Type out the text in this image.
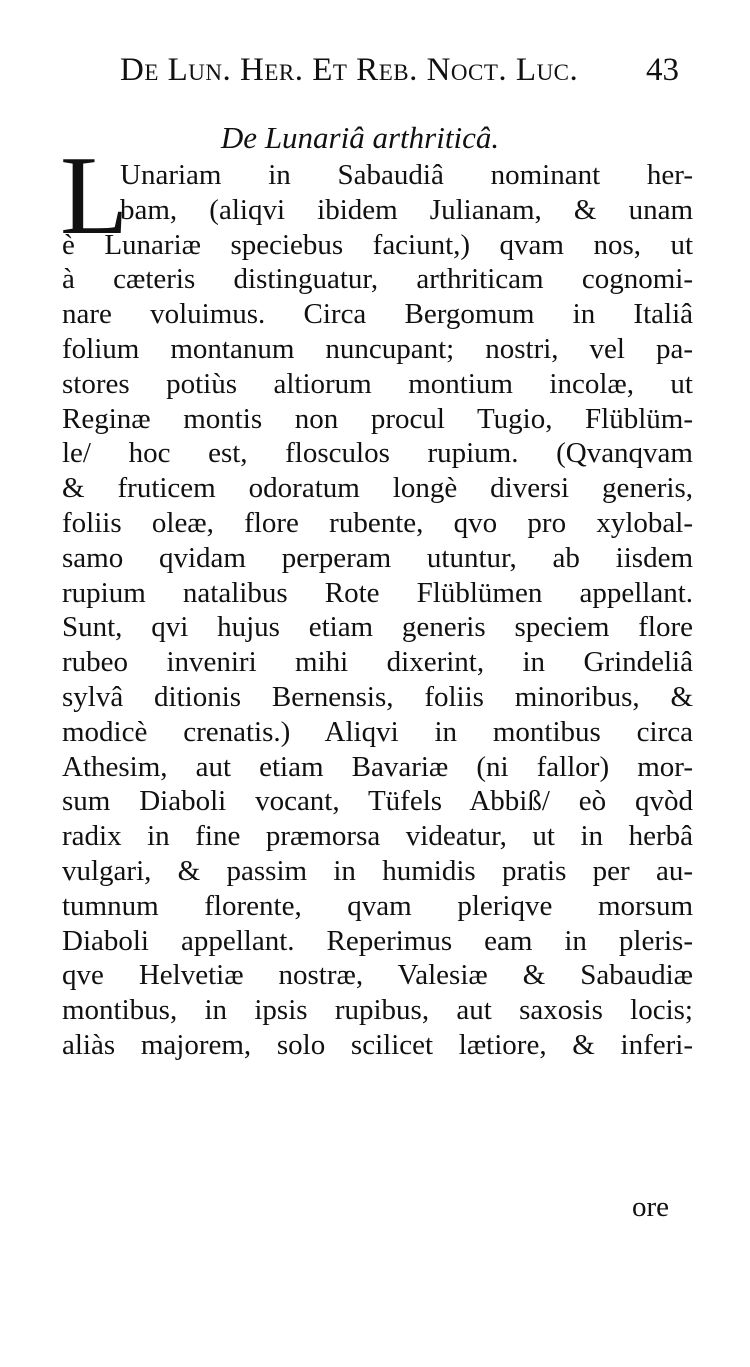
De Lun. Her. Et Reb. Noct. Luc. 43
De Lunariâ arthriticâ.
L
Unariam in Sabaudiâ nominant her-
bam, (aliqvi ibidem Julianam, & unam
è Lunariæ speciebus faciunt,) qvam nos, ut
à cæteris distinguatur, arthriticam cognomi-
nare voluimus. Circa Bergomum in Italiâ
folium montanum nuncupant; nostri, vel pa-
stores potiùs altiorum montium incolæ, ut
Reginæ montis non procul Tugio, Flüblüm-
le/ hoc est, flosculos rupium. (Qvanqvam
& fruticem odoratum longè diversi generis,
foliis oleæ, flore rubente, qvo pro xylobal-
samo qvidam perperam utuntur, ab iisdem
rupium natalibus Rote Flüblümen appellant.
Sunt, qvi hujus etiam generis speciem flore
rubeo inveniri mihi dixerint, in Grindeliâ
sylvâ ditionis Bernensis, foliis minoribus, &
modicè crenatis.) Aliqvi in montibus circa
Athesim, aut etiam Bavariæ (ni fallor) mor-
sum Diaboli vocant, Tüfels Abbiß/ eò qvòd
radix in fine præmorsa videatur, ut in herbâ
vulgari, & passim in humidis pratis per au-
tumnum florente, qvam pleriqve morsum
Diaboli appellant. Reperimus eam in pleris-
qve Helvetiæ nostræ, Valesiæ & Sabaudiæ
montibus, in ipsis rupibus, aut saxosis locis;
aliàs majorem, solo scilicet lætiore, & inferi-
ore
